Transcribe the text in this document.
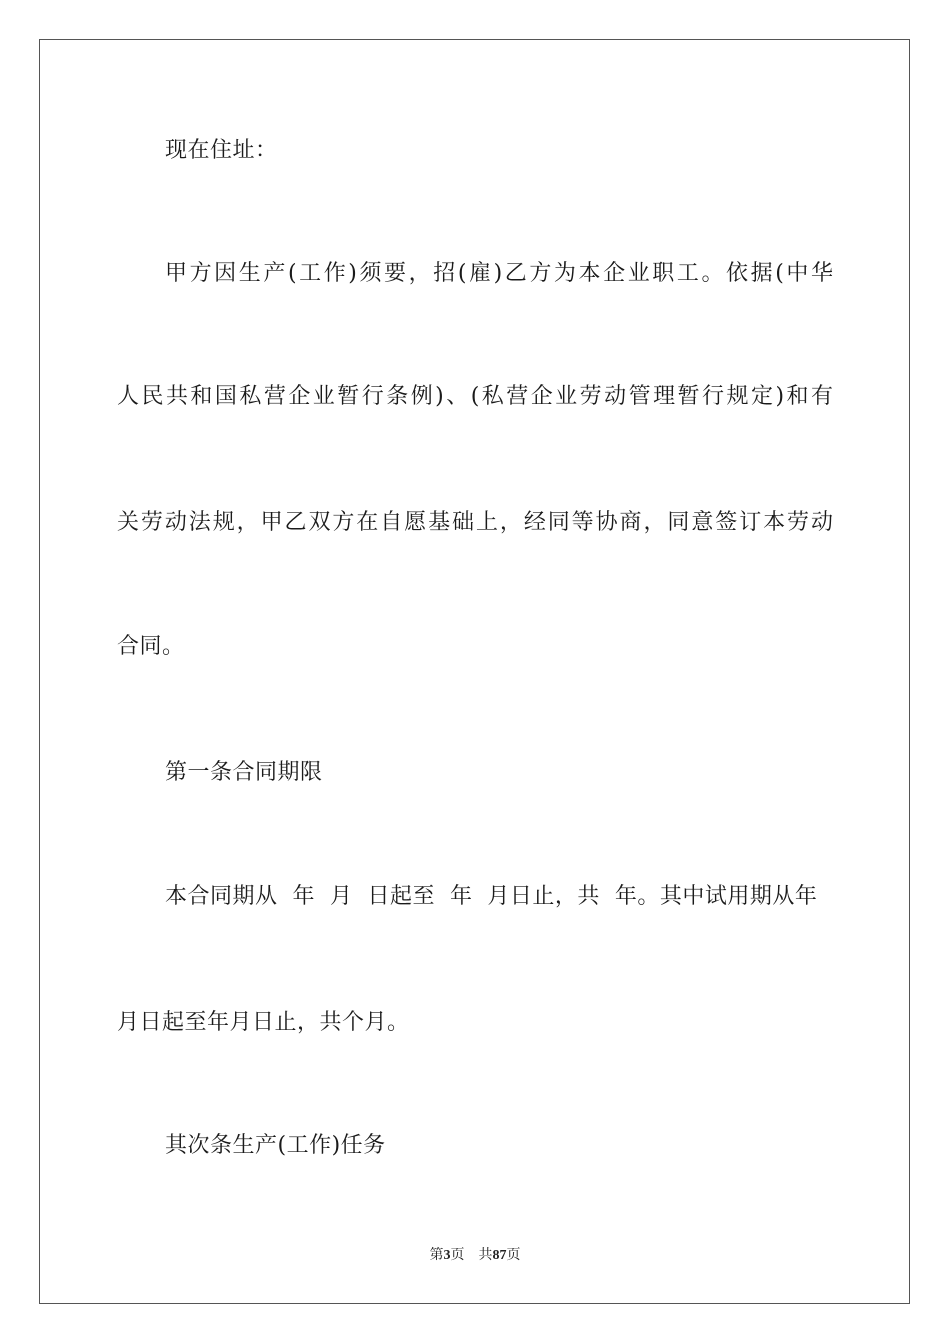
现在住址：
甲方因生产(工作)须要，招(雇)乙方为本企业职工。依据(中华
人民共和国私营企业暂行条例)、(私营企业劳动管理暂行规定)和有
关劳动法规，甲乙双方在自愿基础上，经同等协商，同意签订本劳动
合同。
第一条合同期限
本合同期从  年  月  日起至  年  月日止，共  年。其中试用期从年
月日起至年月日止，共个月。
其次条生产(工作)任务
第3页 共87页
